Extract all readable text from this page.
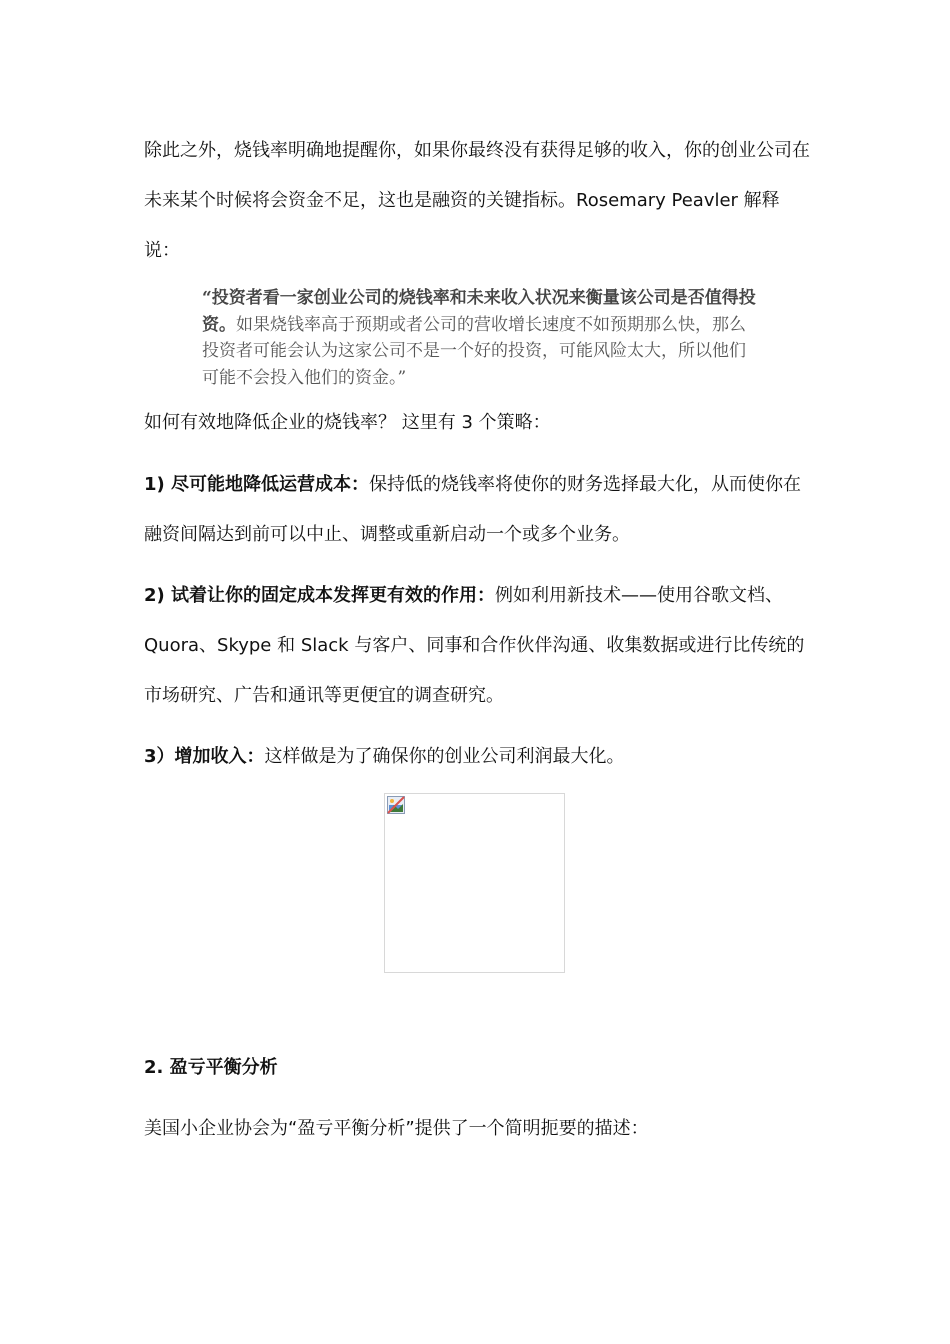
除此之外，烧钱率明确地提醒你，如果你最终没有获得足够的收入，你的创业公司在未来某个时候将会资金不足，这也是融资的关键指标。Rosemary Peavler 解释说：

“投资者看一家创业公司的烧钱率和未来收入状况来衡量该公司是否值得投资。如果烧钱率高于预期或者公司的营收增长速度不如预期那么快，那么投资者可能会认为这家公司不是一个好的投资，可能风险太大，所以他们可能不会投入他们的资金。”

如何有效地降低企业的烧钱率？ 这里有 3 个策略：

1) 尽可能地降低运营成本：保持低的烧钱率将使你的财务选择最大化，从而使你在融资间隔达到前可以中止、调整或重新启动一个或多个业务。

2) 试着让你的固定成本发挥更有效的作用：例如利用新技术——使用谷歌文档、Quora、Skype 和 Slack 与客户、同事和合作伙伴沟通、收集数据或进行比传统的市场研究、广告和通讯等更便宜的调查研究。

3）增加收入：这样做是为了确保你的创业公司利润最大化。

2. 盈亏平衡分析

美国小企业协会为“盈亏平衡分析”提供了一个简明扼要的描述：
